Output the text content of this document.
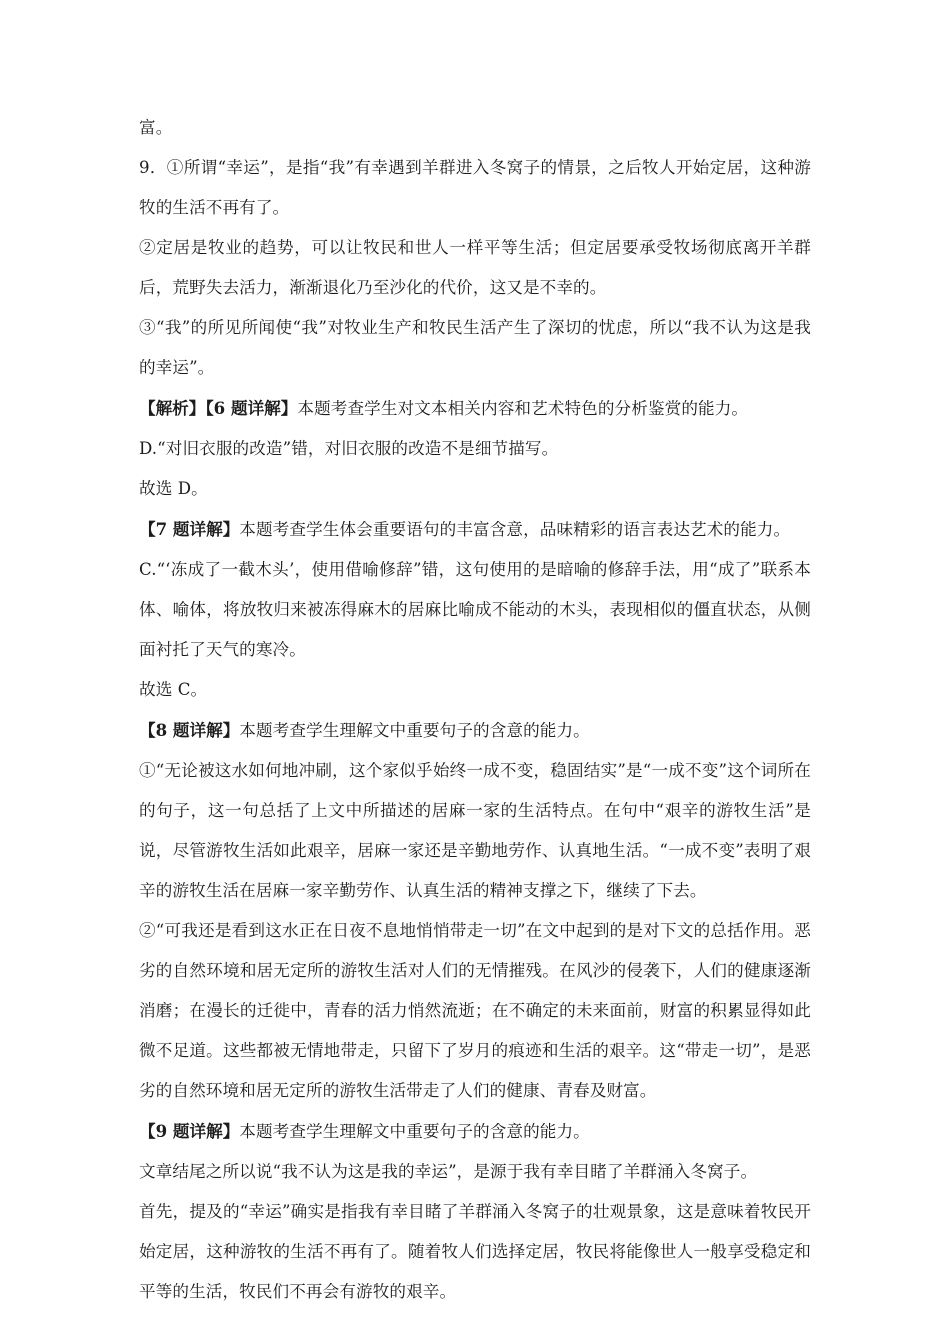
富。

9．①所谓“幸运”，是指“我”有幸遇到羊群进入冬窝子的情景，之后牧人开始定居，这种游牧的生活不再有了。

②定居是牧业的趋势，可以让牧民和世人一样平等生活；但定居要承受牧场彻底离开羊群后，荒野失去活力，渐渐退化乃至沙化的代价，这又是不幸的。

③“我”的所见所闻使“我”对牧业生产和牧民生活产生了深切的忧虑，所以“我不认为这是我的幸运”。

【解析】【6 题详解】本题考查学生对文本相关内容和艺术特色的分析鉴赏的能力。

D.“对旧衣服的改造”错，对旧衣服的改造不是细节描写。

故选 D。

【7 题详解】本题考查学生体会重要语句的丰富含意，品味精彩的语言表达艺术的能力。

C.“‘冻成了一截木头’，使用借喻修辞”错，这句使用的是暗喻的修辞手法，用“成了”联系本体、喻体，将放牧归来被冻得麻木的居麻比喻成不能动的木头，表现相似的僵直状态，从侧面衬托了天气的寒冷。

故选 C。

【8 题详解】本题考查学生理解文中重要句子的含意的能力。

①“无论被这水如何地冲刷，这个家似乎始终一成不变，稳固结实”是“一成不变”这个词所在的句子，这一句总括了上文中所描述的居麻一家的生活特点。在句中“艰辛的游牧生活”是说，尽管游牧生活如此艰辛，居麻一家还是辛勤地劳作、认真地生活。“一成不变”表明了艰辛的游牧生活在居麻一家辛勤劳作、认真生活的精神支撑之下，继续了下去。

②“可我还是看到这水正在日夜不息地悄悄带走一切”在文中起到的是对下文的总括作用。恶劣的自然环境和居无定所的游牧生活对人们的无情摧残。在风沙的侵袭下，人们的健康逐渐消磨；在漫长的迁徙中，青春的活力悄然流逝；在不确定的未来面前，财富的积累显得如此微不足道。这些都被无情地带走，只留下了岁月的痕迹和生活的艰辛。这“带走一切”，是恶劣的自然环境和居无定所的游牧生活带走了人们的健康、青春及财富。

【9 题详解】本题考查学生理解文中重要句子的含意的能力。

文章结尾之所以说“我不认为这是我的幸运”，是源于我有幸目睹了羊群涌入冬窝子。

首先，提及的“幸运”确实是指我有幸目睹了羊群涌入冬窝子的壮观景象，这是意味着牧民开始定居，这种游牧的生活不再有了。随着牧人们选择定居，牧民将能像世人一般享受稳定和平等的生活，牧民们不再会有游牧的艰辛。
